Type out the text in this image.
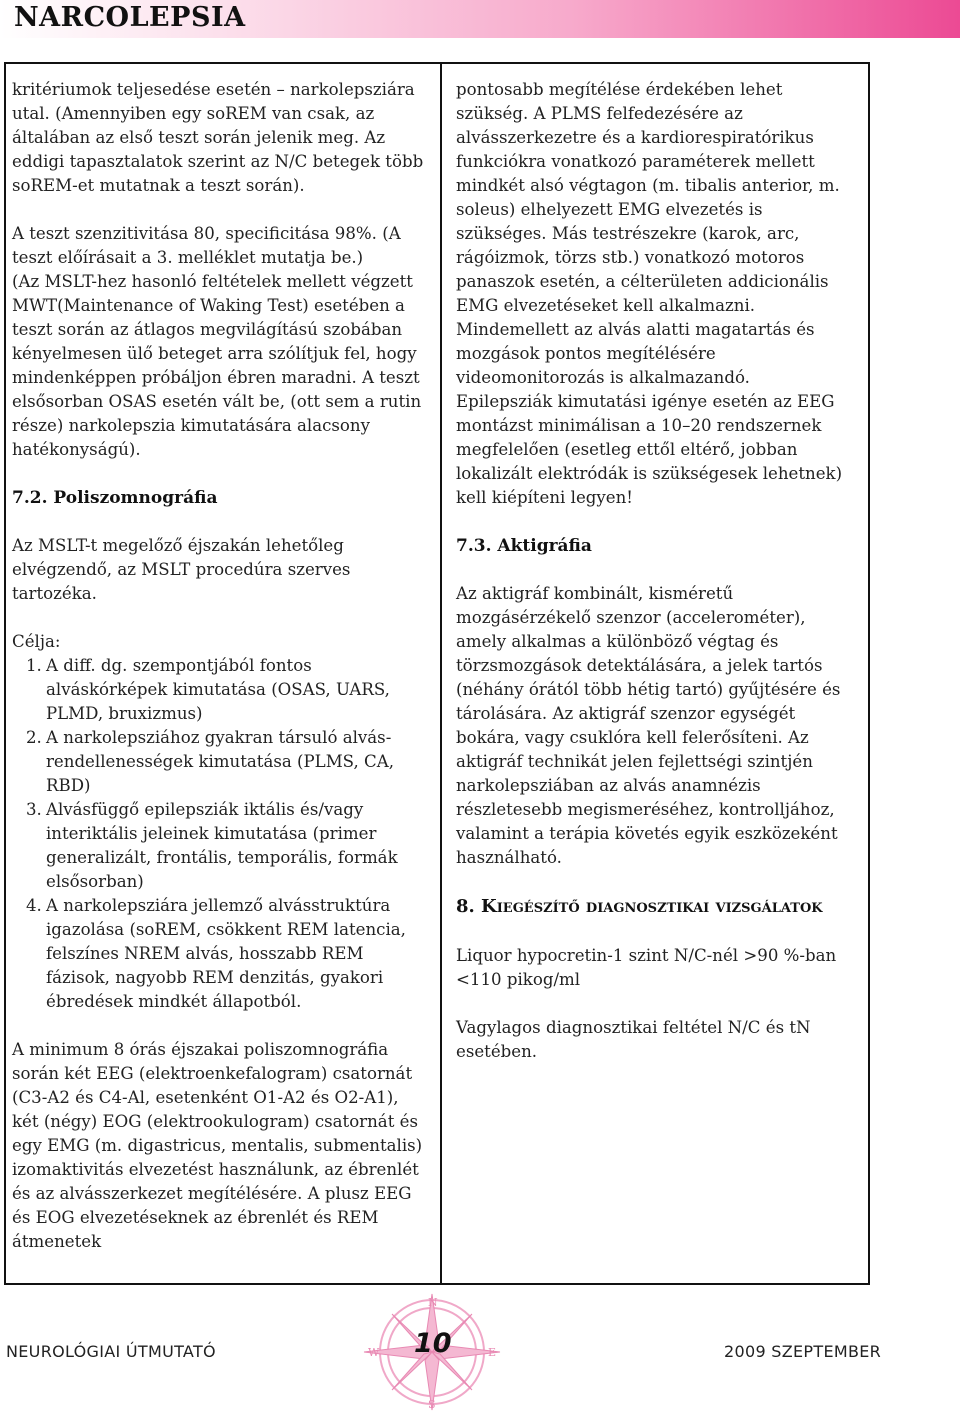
NARCOLEPSIA

kritériumok teljesedése esetén – narkolepsziára utal. (Amennyiben egy soREM van csak, az általában az első teszt során jelenik meg. Az eddigi tapasztalatok szerint az N/C betegek több soREM-et mutatnak a teszt során).

A teszt szenzitivitása 80, specificitása 98%. (A teszt előírásait a 3. melléklet mutatja be.)

(Az MSLT-hez hasonló feltételek mellett végzett MWT(Maintenance of Waking Test) esetében a teszt során az átlagos megvilágítású szobában kényelmesen ülő beteget arra szólítjuk fel, hogy mindenképpen próbáljon ébren maradni. A teszt elsősorban OSAS esetén vált be, (ott sem a rutin része) narkolepszia kimutatására alacsony hatékonyságú).

7.2. Poliszomnográfia

Az MSLT-t megelőző éjszakán lehetőleg elvégzendő, az MSLT procedúra szerves tartozéka.

Célja:

1. A diff. dg. szempontjából fontos alváskórképek kimutatása (OSAS, UARS, PLMD, bruxizmus)
2. A narkolepsziához gyakran társuló alvás-rendellenességek kimutatása (PLMS, CA, RBD)
3. Alvásfüggő epilepsziák iktális és/vagy interiktális jeleinek kimutatása (primer generalizált, frontális, temporális, formák elsősorban)
4. A narkolepsziára jellemző alvásstruktúra igazolása (soREM, csökkent REM latencia, felszínes NREM alvás, hosszabb REM fázisok, nagyobb REM denzitás, gyakori ébredések mindkét állapotból.

A minimum 8 órás éjszakai poliszomnográfia során két EEG (elektroenkefalogram) csatornát (C3-A2 és C4-Al, esetenként O1-A2 és O2-A1), két (négy) EOG (elektrookulogram) csatornát és egy EMG (m. digastricus, mentalis, submentalis) izomaktivitás elvezetést használunk, az ébrenlét és az alvásszerkezet megítélésére. A plusz EEG és EOG elvezetéseknek az ébrenlét és REM átmenetek

pontosabb megítélése érdekében lehet szükség. A PLMS felfedezésére az alvásszerkezetre és a kardiorespiratórikus funkciókra vonatkozó paraméterek mellett mindkét alsó végtagon (m. tibalis anterior, m. soleus) elhelyezett EMG elvezetés is szükséges. Más testrészekre (karok, arc, rágóizmok, törzs stb.) vonatkozó motoros panaszok esetén, a célterületen addicionális EMG elvezetéseket kell alkalmazni.

Mindemellett az alvás alatti magatartás és mozgások pontos megítélésére videomonitorozás is alkalmazandó.

Epilepsziák kimutatási igénye esetén az EEG montázst minimálisan a 10–20 rendszernek megfelelően (esetleg ettől eltérő, jobban lokalizált elektródák is szükségesek lehetnek) kell kiépíteni legyen!

7.3. Aktigráfia

Az aktigráf kombinált, kisméretű mozgásérzékelő szenzor (accelerométer), amely alkalmas a különböző végtag és törzsmozgások detektálására, a jelek tartós (néhány órától több hétig tartó) gyűjtésére és tárolására. Az aktigráf szenzor egységét bokára, vagy csuklóra kell felerősíteni. Az aktigráf technikát jelen fejlettségi szintjén narkolepsziában az alvás anamnézis részletesebb megismeréséhez, kontrolljához, valamint a terápia követés egyik eszközeként használható.

8. Kiegészítő diagnosztikai vizsgálatok

Liquor hypocretin-1 szint N/C-nél >90 %-ban <110 pikog/ml

Vagylagos diagnosztikai feltétel N/C és tN esetében.

NEUROLÓGIAI ÚTMUTATÓ
N
E
S
W 10	2009 SZEPTEMBER
